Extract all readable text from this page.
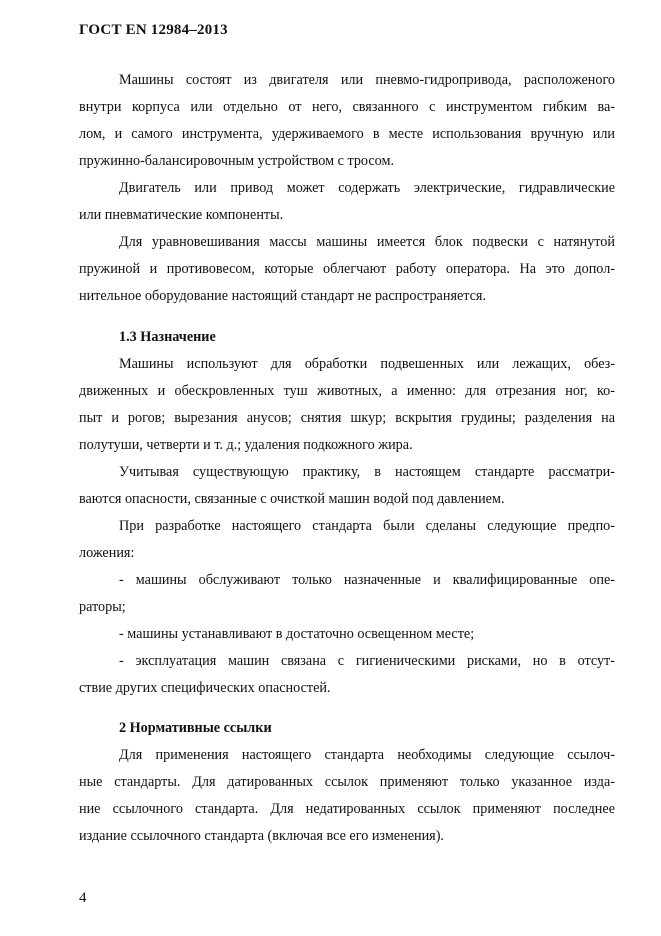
ГОСТ EN 12984–2013
Машины состоят из двигателя или пневмо-гидропривода, расположеного
внутри корпуса или отдельно от него, связанного с инструментом гибким ва-
лом, и самого инструмента, удерживаемого в месте использования вручную или
пружинно-балансировочным устройством с тросом.
Двигатель или привод может содержать электрические, гидравлические
или пневматические компоненты.
Для уравновешивания массы машины имеется блок подвески с натянутой
пружиной и противовесом, которые облегчают работу оператора. На это допол-
нительное оборудование настоящий стандарт не распространяется.
1.3 Назначение
Машины используют для обработки подвешенных или лежащих, обез-
движенных и обескровленных туш животных, а именно: для отрезания ног, ко-
пыт и рогов; вырезания анусов; снятия шкур; вскрытия грудины; разделения на
полутуши, четверти и т. д.; удаления подкожного жира.
Учитывая существующую практику, в настоящем стандарте рассматри-
ваются опасности, связанные с очисткой машин водой под давлением.
При разработке настоящего стандарта были сделаны следующие предпо-
ложения:
- машины обслуживают только назначенные и квалифицированные опе-
раторы;
- машины устанавливают в достаточно освещенном месте;
- эксплуатация машин связана с гигиеническими рисками, но в отсут-
ствие других специфических опасностей.
2 Нормативные ссылки
Для применения настоящего стандарта необходимы следующие ссылоч-
ные стандарты. Для датированных ссылок применяют только указанное изда-
ние ссылочного стандарта. Для недатированных ссылок применяют последнее
издание ссылочного стандарта (включая все его изменения).
4
